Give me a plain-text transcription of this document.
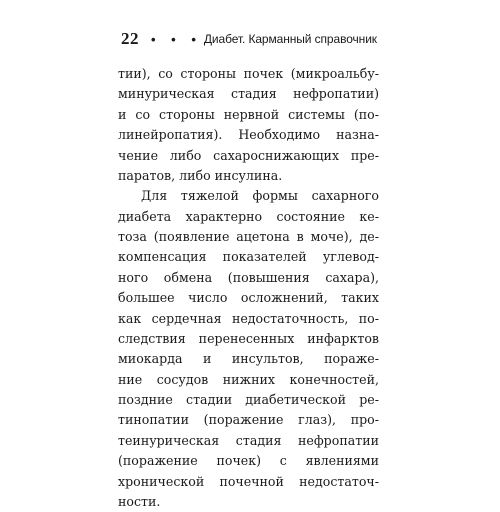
22 • • • Диабет. Карманный справочник
тии), со стороны почек (микроальбу-
минурическая стадия нефропатии)
и со стороны нервной системы (по-
линейропатия). Необходимо назна-
чение либо сахароснижающих пре-
паратов, либо инсулина.
Для тяжелой формы сахарного
диабета характерно состояние ке-
тоза (появление ацетона в моче), де-
компенсация показателей углевод-
ного обмена (повышения сахара),
большее число осложнений, таких
как сердечная недостаточность, по-
следствия перенесенных инфарктов
миокарда и инсультов, пораже-
ние сосудов нижних конечностей,
поздние стадии диабетической ре-
тинопатии (поражение глаз), про-
теинурическая стадия нефропатии
(поражение почек) с явлениями
хронической почечной недостаточ-
ности.
